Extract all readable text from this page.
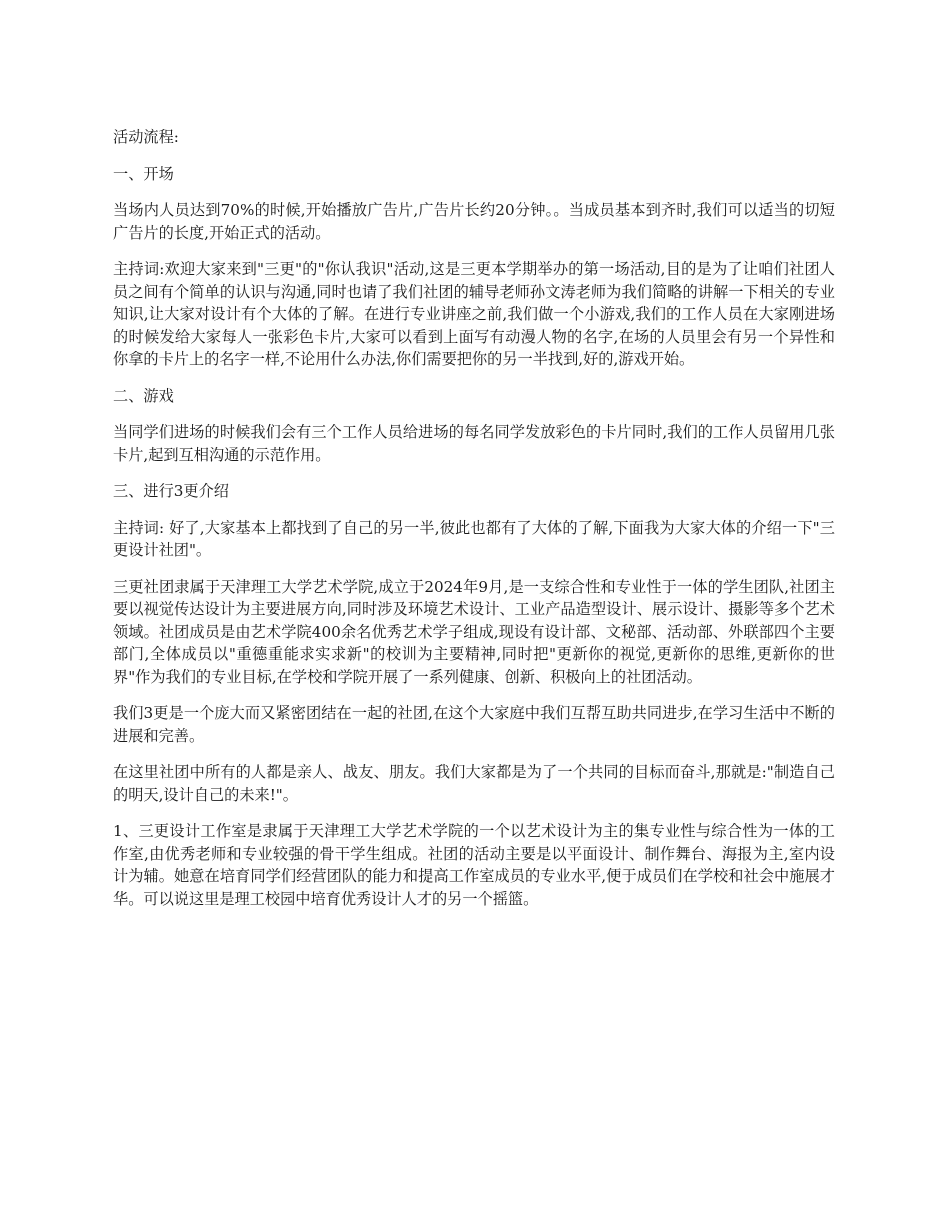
活动流程:

一、开场

当场内人员达到70%的时候,开始播放广告片,广告片长约20分钟。。当成员基本到齐时,我们可以适当的切短广告片的长度,开始正式的活动。

主持词:欢迎大家来到"三更"的"你认我识"活动,这是三更本学期举办的第一场活动,目的是为了让咱们社团人员之间有个简单的认识与沟通,同时也请了我们社团的辅导老师孙文涛老师为我们简略的讲解一下相关的专业知识,让大家对设计有个大体的了解。在进行专业讲座之前,我们做一个小游戏,我们的工作人员在大家刚进场的时候发给大家每人一张彩色卡片,大家可以看到上面写有动漫人物的名字,在场的人员里会有另一个异性和你拿的卡片上的名字一样,不论用什么办法,你们需要把你的另一半找到,好的,游戏开始。

二、游戏

当同学们进场的时候我们会有三个工作人员给进场的每名同学发放彩色的卡片同时,我们的工作人员留用几张卡片,起到互相沟通的示范作用。

三、进行3更介绍

主持词: 好了,大家基本上都找到了自己的另一半,彼此也都有了大体的了解,下面我为大家大体的介绍一下"三更设计社团"。

三更社团隶属于天津理工大学艺术学院,成立于2024年9月,是一支综合性和专业性于一体的学生团队,社团主要以视觉传达设计为主要进展方向,同时涉及环境艺术设计、工业产品造型设计、展示设计、摄影等多个艺术领域。社团成员是由艺术学院400余名优秀艺术学子组成,现设有设计部、文秘部、活动部、外联部四个主要部门,全体成员以"重德重能求实求新"的校训为主要精神,同时把"更新你的视觉,更新你的思维,更新你的世界"作为我们的专业目标,在学校和学院开展了一系列健康、创新、积极向上的社团活动。

我们3更是一个庞大而又紧密团结在一起的社团,在这个大家庭中我们互帮互助共同进步,在学习生活中不断的进展和完善。

在这里社团中所有的人都是亲人、战友、朋友。我们大家都是为了一个共同的目标而奋斗,那就是:"制造自己的明天,设计自己的未来!"。

1、三更设计工作室是隶属于天津理工大学艺术学院的一个以艺术设计为主的集专业性与综合性为一体的工作室,由优秀老师和专业较强的骨干学生组成。社团的活动主要是以平面设计、制作舞台、海报为主,室内设计为辅。她意在培育同学们经营团队的能力和提高工作室成员的专业水平,便于成员们在学校和社会中施展才华。可以说这里是理工校园中培育优秀设计人才的另一个摇篮。
